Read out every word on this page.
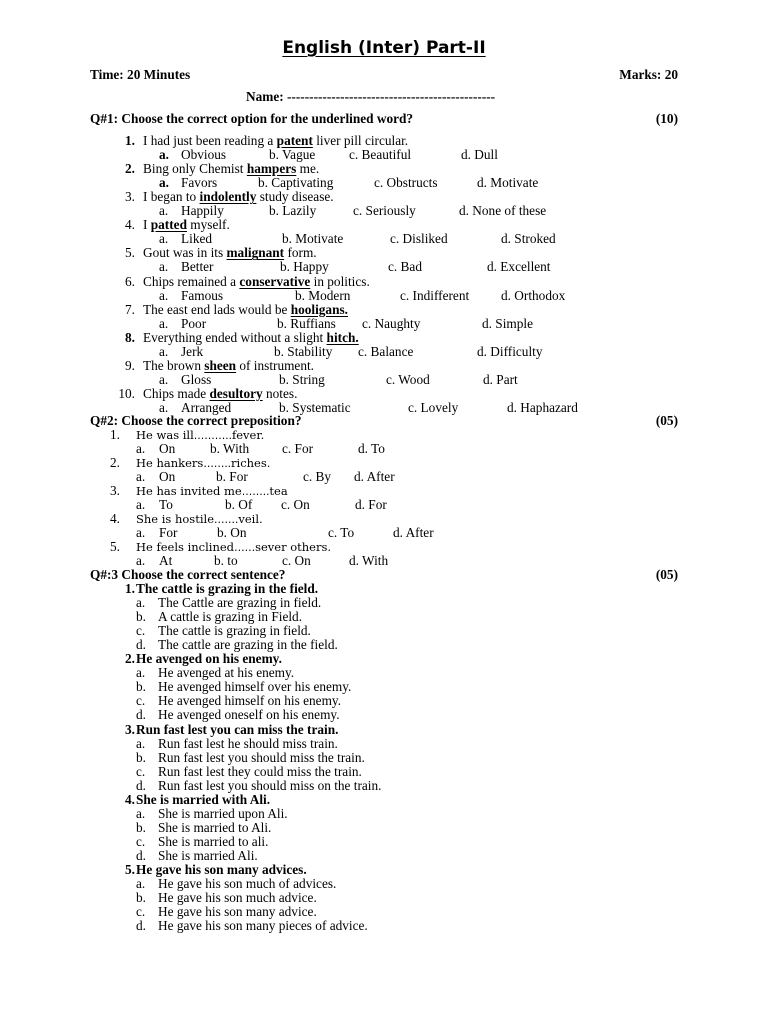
English (Inter) Part-II
Time: 20 Minutes	Marks: 20
Name: -----------------------------------------------
Q#1: Choose the correct option for the underlined word?	(10)
1. I had just been reading a patent liver pill circular.
a. Obvious	b. Vague	c. Beautiful	d. Dull
2. Bing only Chemist hampers me.
a. Favors	b. Captivating	c. Obstructs	d. Motivate
3. I began to indolently study disease.
a. Happily	b. Lazily	c. Seriously	d. None of these
4. I patted myself.
a. Liked	b. Motivate	c. Disliked	d. Stroked
5. Gout was in its malignant form.
a. Better	b. Happy	c. Bad	d. Excellent
6. Chips remained a conservative in politics.
a. Famous	b. Modern	c. Indifferent d. Orthodox
7. The east end lads would be hooligans.
a. Poor	b. Ruffians c. Naughty	d. Simple
8. Everything ended without a slight hitch.
a. Jerk	b. Stability c. Balance	d. Difficulty
9. The brown sheen of instrument.
a. Gloss	b. String	c. Wood	d. Part
10. Chips made desultory notes.
a. Arranged	b. Systematic	c. Lovely	d. Haphazard
Q#2: Choose the correct preposition?	(05)
1. He was ill………..fever.
a. On	b. With c. For	d. To
2. He hankers……..riches.
a. On	b. For	c. By d. After
3. He has invited me……..tea
a. To	b. Of c. On	d. For
4. She is hostile…….veil.
a. For	b. On	c. To	d. After
5. He feels inclined……sever others.
a. At	b. to	c. On	d. With
Q#:3 Choose the correct sentence?	(05)
1.The cattle is grazing in the field.
a. The Cattle are grazing in field.
b. A cattle is grazing in Field.
c. The cattle is grazing in field.
d. The cattle are grazing in the field.
2.He avenged on his enemy.
a. He avenged at his enemy.
b. He avenged himself over his enemy.
c. He avenged himself on his enemy.
d. He avenged oneself on his enemy.
3.Run fast lest you can miss the train.
a. Run fast lest he should miss train.
b. Run fast lest you should miss the train.
c. Run fast lest they could miss the train.
d. Run fast lest you should miss on the train.
4.She is married with Ali.
a. She is married upon Ali.
b. She is married to Ali.
c. She is married to ali.
d. She is married Ali.
5.He gave his son many advices.
a. He gave his son much of advices.
b. He gave his son much advice.
c. He gave his son many advice.
d. He gave his son many pieces of advice.
